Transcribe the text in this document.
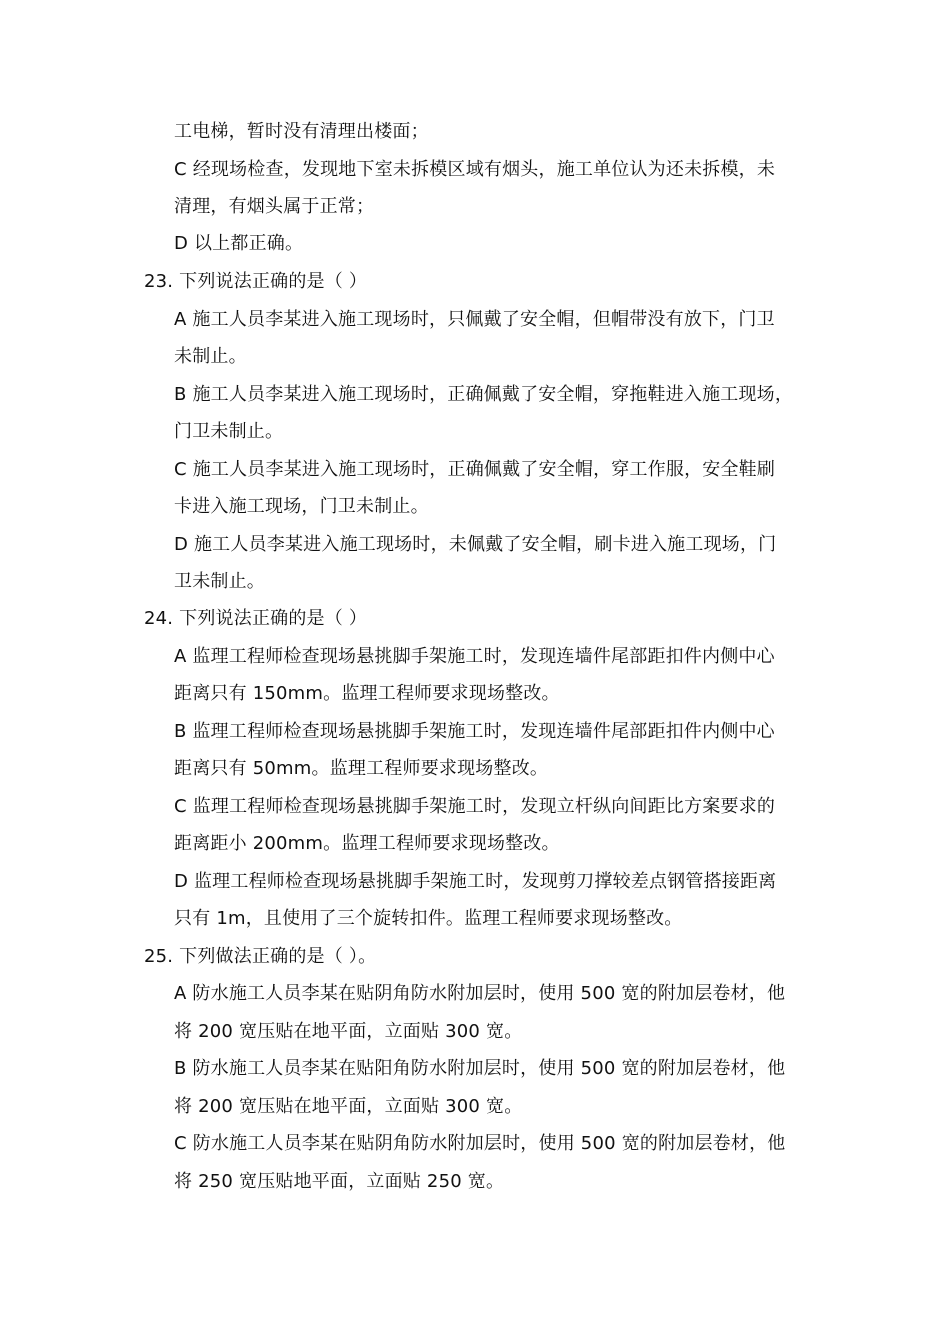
工电梯，暂时没有清理出楼面；
C 经现场检查，发现地下室未拆模区域有烟头，施工单位认为还未拆模，未
清理，有烟头属于正常；
D 以上都正确。
23. 下列说法正确的是（ ）
A 施工人员李某进入施工现场时，只佩戴了安全帽，但帽带没有放下，门卫
未制止。
B 施工人员李某进入施工现场时，正确佩戴了安全帽，穿拖鞋进入施工现场，
门卫未制止。
C 施工人员李某进入施工现场时，正确佩戴了安全帽，穿工作服，安全鞋刷
卡进入施工现场，门卫未制止。
D 施工人员李某进入施工现场时，未佩戴了安全帽，刷卡进入施工现场，门
卫未制止。
24. 下列说法正确的是（ ）
A 监理工程师检查现场悬挑脚手架施工时，发现连墙件尾部距扣件内侧中心
距离只有 150mm。监理工程师要求现场整改。
B 监理工程师检查现场悬挑脚手架施工时，发现连墙件尾部距扣件内侧中心
距离只有 50mm。监理工程师要求现场整改。
C 监理工程师检查现场悬挑脚手架施工时，发现立杆纵向间距比方案要求的
距离距小 200mm。监理工程师要求现场整改。
D 监理工程师检查现场悬挑脚手架施工时，发现剪刀撑较差点钢管搭接距离
只有 1m，且使用了三个旋转扣件。监理工程师要求现场整改。
25. 下列做法正确的是（ ）。
A 防水施工人员李某在贴阴角防水附加层时，使用 500 宽的附加层卷材，他
将 200 宽压贴在地平面，立面贴 300 宽。
B 防水施工人员李某在贴阳角防水附加层时，使用 500 宽的附加层卷材，他
将 200 宽压贴在地平面，立面贴 300 宽。
C 防水施工人员李某在贴阴角防水附加层时，使用 500 宽的附加层卷材，他
将 250 宽压贴地平面，立面贴 250 宽。
